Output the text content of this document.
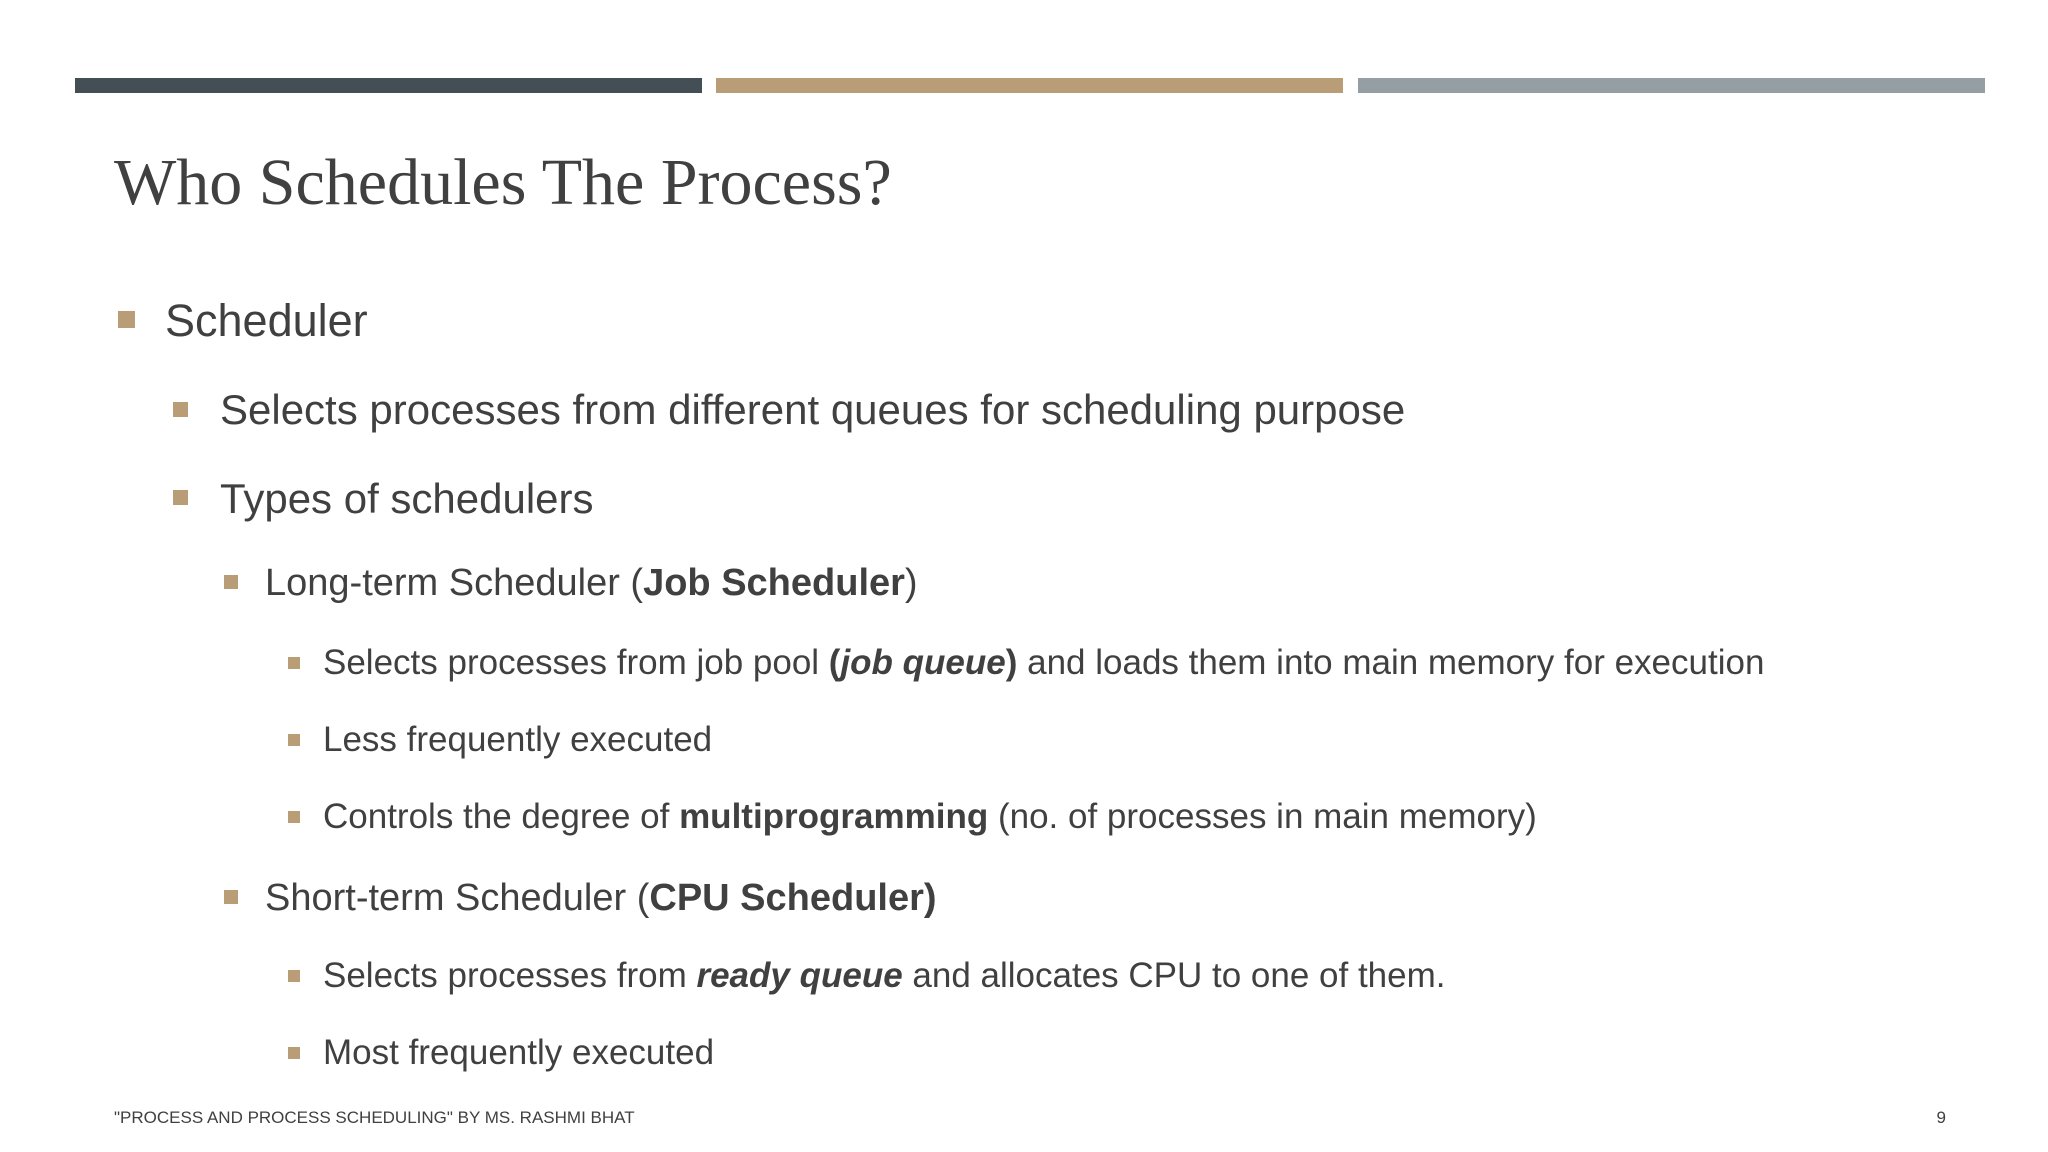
Who Schedules The Process?
Scheduler
Selects processes from different queues for scheduling purpose
Types of schedulers
Long-term Scheduler (Job Scheduler)
Selects processes from job pool (job queue) and loads them into main memory for execution
Less frequently executed
Controls the degree of multiprogramming (no. of processes in main memory)
Short-term Scheduler (CPU Scheduler)
Selects processes from ready queue and allocates CPU to one of them.
Most frequently executed
"PROCESS AND PROCESS SCHEDULING" BY MS. RASHMI BHAT	9
